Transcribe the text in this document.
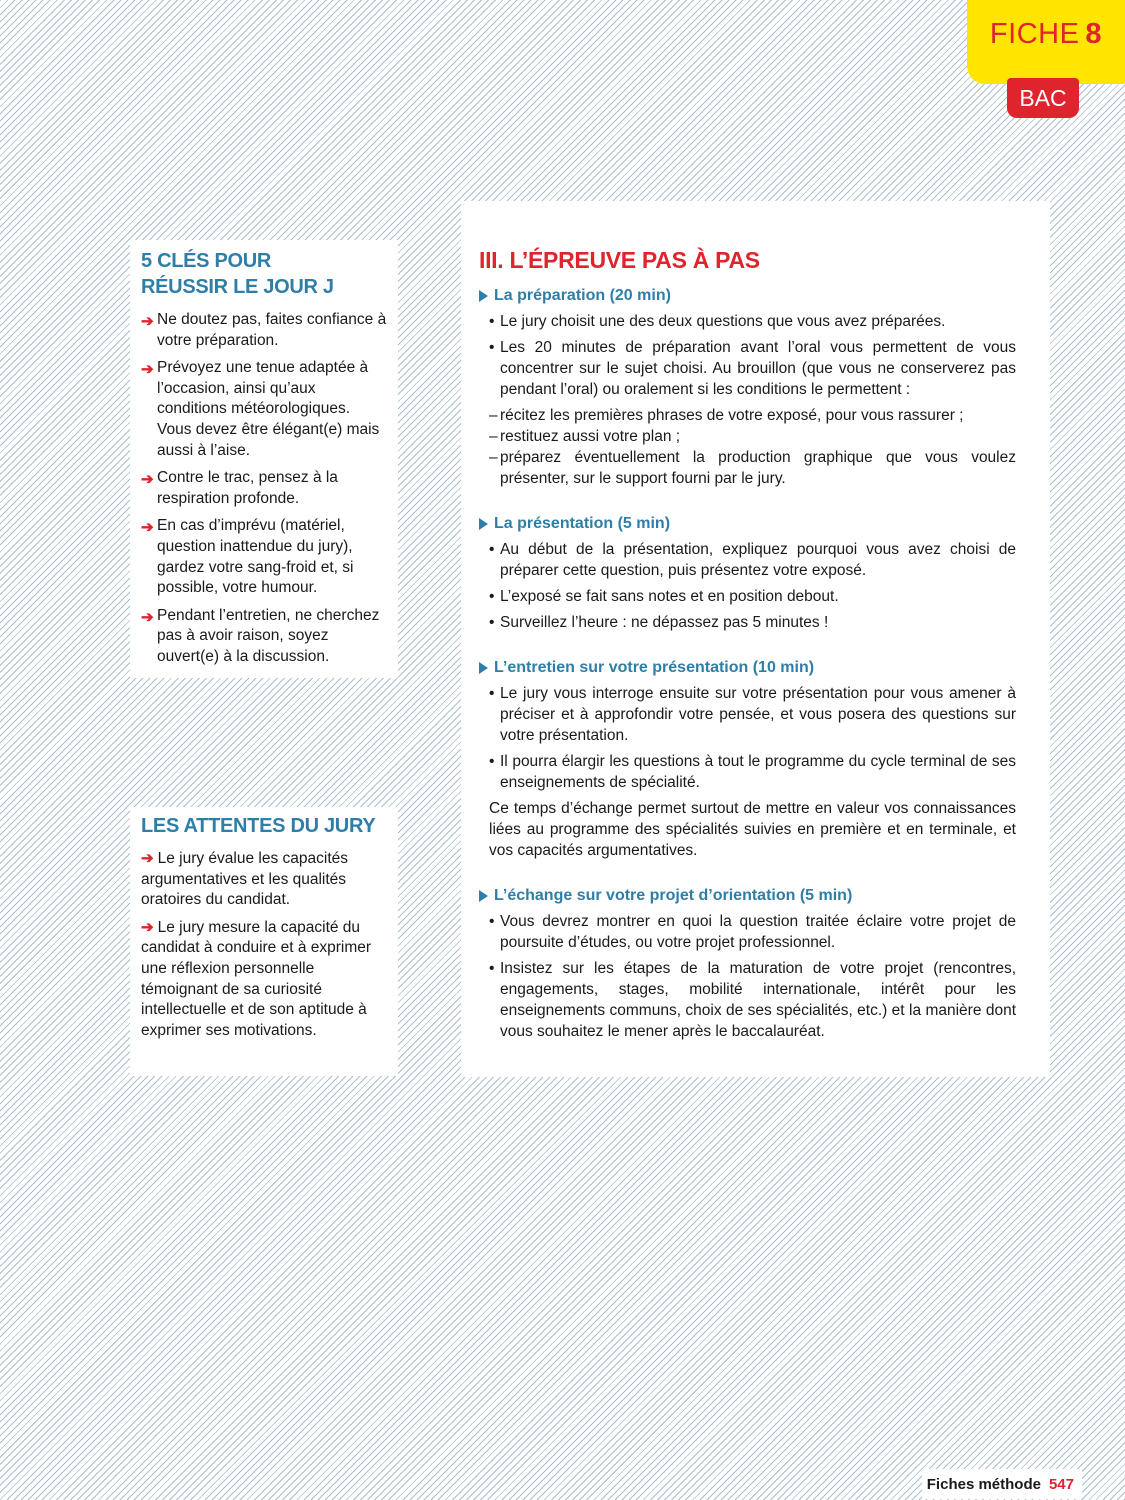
FICHE 8
BAC
5 CLÉS POUR RÉUSSIR LE JOUR J
➔ Ne doutez pas, faites confiance à votre préparation.
➔ Prévoyez une tenue adaptée à l’occasion, ainsi qu’aux conditions météorologiques. Vous devez être élégant(e) mais aussi à l’aise.
➔ Contre le trac, pensez à la respiration profonde.
➔ En cas d’imprévu (matériel, question inattendue du jury), gardez votre sang-froid et, si possible, votre humour.
➔ Pendant l’entretien, ne cherchez pas à avoir raison, soyez ouvert(e) à la discussion.
LES ATTENTES DU JURY
➔ Le jury évalue les capacités argumentatives et les qualités oratoires du candidat.
➔ Le jury mesure la capacité du candidat à conduire et à exprimer une réflexion personnelle témoignant de sa curiosité intellectuelle et de son aptitude à exprimer ses motivations.
III. L’ÉPREUVE PAS À PAS
La préparation (20 min)
• Le jury choisit une des deux questions que vous avez préparées.
• Les 20 minutes de préparation avant l’oral vous permettent de vous concentrer sur le sujet choisi. Au brouillon (que vous ne conserverez pas pendant l’oral) ou oralement si les conditions le permettent :
– récitez les premières phrases de votre exposé, pour vous rassurer ;
– restituez aussi votre plan ;
– préparez éventuellement la production graphique que vous voulez présenter, sur le support fourni par le jury.
La présentation (5 min)
• Au début de la présentation, expliquez pourquoi vous avez choisi de préparer cette question, puis présentez votre exposé.
• L’exposé se fait sans notes et en position debout.
• Surveillez l’heure : ne dépassez pas 5 minutes !
L’entretien sur votre présentation (10 min)
• Le jury vous interroge ensuite sur votre présentation pour vous amener à préciser et à approfondir votre pensée, et vous posera des questions sur votre présentation.
• Il pourra élargir les questions à tout le programme du cycle terminal de ses enseignements de spécialité.
Ce temps d’échange permet surtout de mettre en valeur vos connaissances liées au programme des spécialités suivies en première et en terminale, et vos capacités argumentatives.
L’échange sur votre projet d’orientation (5 min)
• Vous devrez montrer en quoi la question traitée éclaire votre projet de poursuite d’études, ou votre projet professionnel.
• Insistez sur les étapes de la maturation de votre projet (rencontres, engagements, stages, mobilité internationale, intérêt pour les enseignements communs, choix de ses spécialités, etc.) et la manière dont vous souhaitez le mener après le baccalauréat.
Fiches méthode 547
